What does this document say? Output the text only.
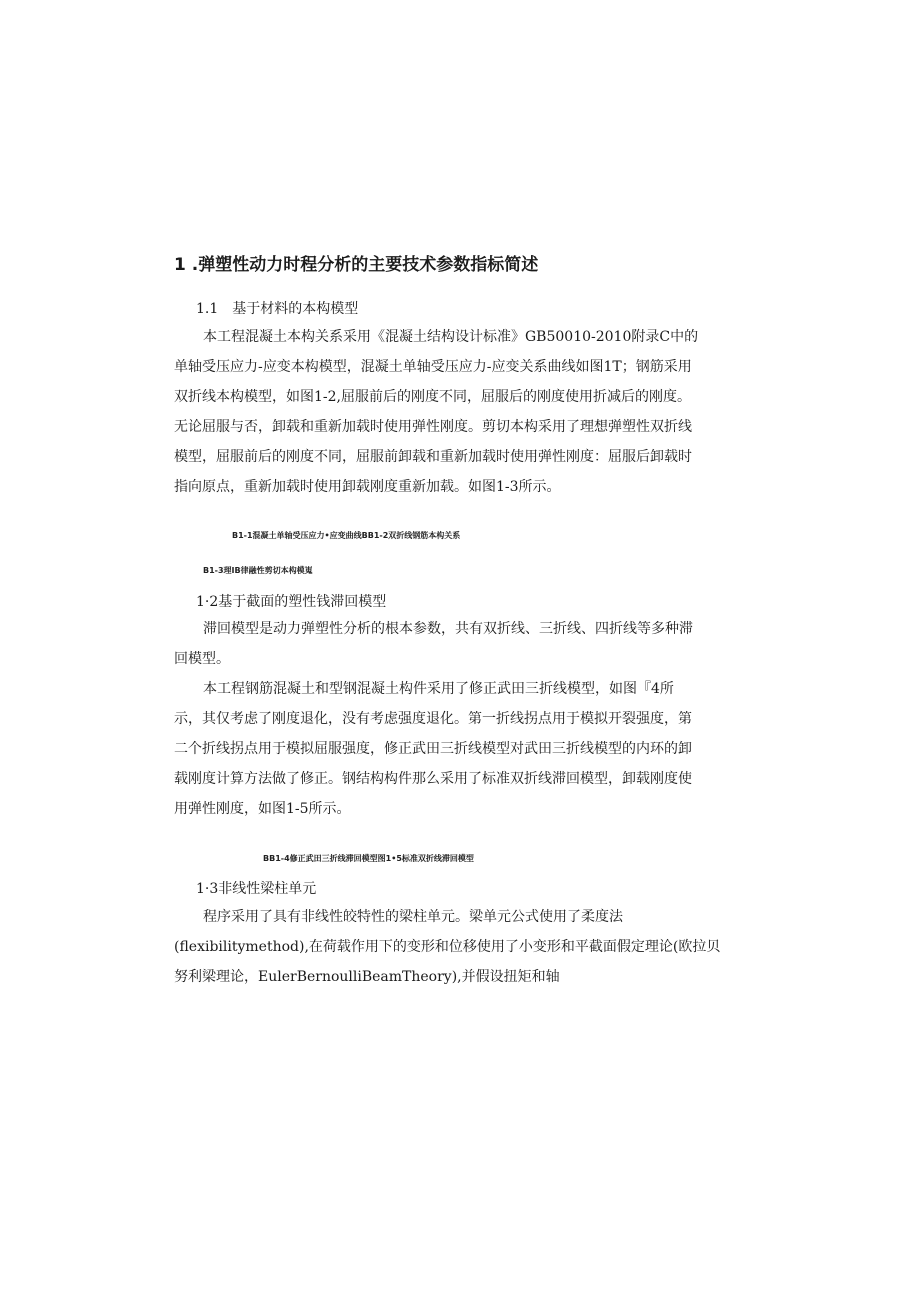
1 .弹塑性动力时程分析的主要技术参数指标简述
1.1　基于材料的本构模型
本工程混凝土本构关系采用《混凝土结构设计标准》GB50010-2010附录C中的
单轴受压应力-应变本构模型，混凝土单轴受压应力-应变关系曲线如图1T；钢筋采用
双折线本构模型，如图1-2,屈服前后的刚度不同，屈服后的刚度使用折减后的刚度。
无论屈服与否，卸载和重新加载时使用弹性刚度。剪切本构采用了理想弹塑性双折线
模型，屈服前后的刚度不同，屈服前卸载和重新加载时使用弹性刚度：屈服后卸载时
指向原点，重新加载时使用卸载刚度重新加载。如图1-3所示。
B1-1混凝土单轴受压应力•应变曲线BB1-2双折线钢筋本构关系
B1-3理IB律融性剪切本构模嵬
1·2基于截面的塑性钱滞回模型
滞回模型是动力弹塑性分析的根本参数，共有双折线、三折线、四折线等多种滞
回模型。
本工程钢筋混凝土和型钢混凝土构件采用了修正武田三折线模型，如图『4所
示，其仅考虑了刚度退化，没有考虑强度退化。第一折线拐点用于模拟开裂强度，第
二个折线拐点用于模拟屈服强度，修正武田三折线模型对武田三折线模型的内环的卸
载刚度计算方法做了修正。钢结构构件那么采用了标准双折线滞回模型，卸载刚度使
用弹性刚度，如图1-5所示。
BB1-4修正武田三折线滞回模型图1•5标准双折线滞回模型
1·3非线性梁柱单元
程序采用了具有非线性皎特性的梁柱单元。梁单元公式使用了柔度法
(flexibilitymethod),在荷载作用下的变形和位移使用了小变形和平截面假定理论(欧拉贝
努利梁理论，EulerBernoulliBeamTheory),并假设扭矩和轴
